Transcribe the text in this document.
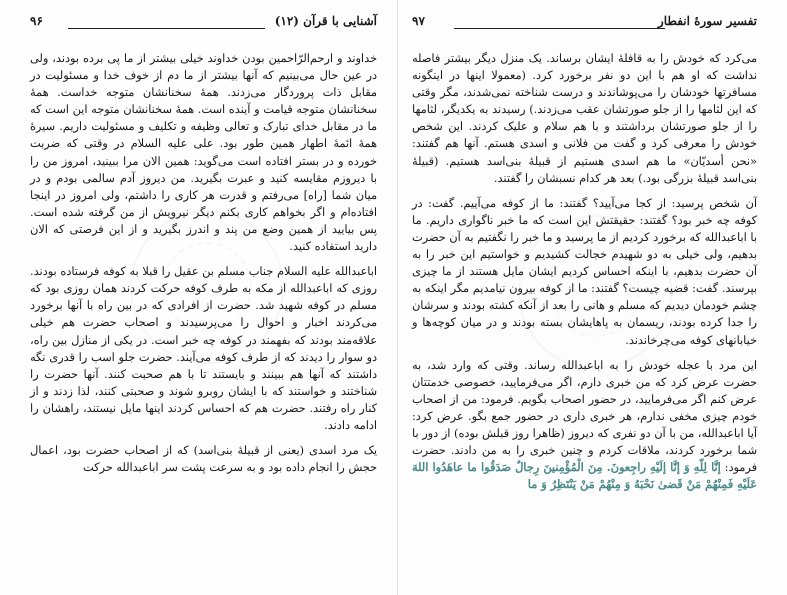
آشنایی با قرآن (۱۲)
۹۶

خداوند و ارحم‌الرّاحمین بودن خداوند خیلی بیشتر از ما پی برده بودند، ولی در عین حال می‌بینیم که آنها بیشتر از ما دم از خوف خدا و مسئولیت در مقابل ذات پروردگار می‌زدند. همهٔ سخنانشان متوجه خداست. همهٔ سخنانشان متوجه قیامت و آینده است. همهٔ سخنانشان متوجه این است که ما در مقابل خدای تبارک و تعالی وظیفه و تکلیف و مسئولیت داریم. سیرهٔ همهٔ ائمهٔ اطهار همین طور بود. علی علیه السلام در وقتی که ضربت خورده و در بستر افتاده است می‌گوید: همین الان مرا ببینید، امروز من را با دیروزم مقایسه کنید و عبرت بگیرید. من دیروز آدم سالمی بودم و در میان شما [راه] می‌رفتم و قدرت هر کاری را داشتم، ولی امروز در اینجا افتاده‌ام و اگر بخواهم کاری بکنم دیگر نیرویش از من گرفته شده است. پس بیایید از همین وضع من پند و اندرز بگیرید و از این فرصتی که الان دارید استفاده کنید.

ابا‌عبدالله علیه السلام جناب مسلم بن عقیل را قبلا به کوفه فرستاده بودند. روزی که ابا‌عبدالله از مکه به طرف کوفه حرکت کردند همان روزی بود که مسلم در کوفه شهید شد. حضرت از افرادی که در بین راه با آنها برخورد می‌کردند اخبار و احوال را می‌پرسیدند و اصحاب حضرت هم خیلی علاقه‌مند بودند که بفهمند در کوفه چه خبر است. در یکی از منازل بین راه، دو سوار را دیدند که از طرف کوفه می‌آیند. حضرت جلو اسب را قدری نگه داشتند که آنها هم ببینند و بایستند تا با هم صحبت کنند. آنها حضرت را شناختند و خواستند که با ایشان روبرو شوند و صحبتی کنند، لذا زدند و از کنار راه رفتند. حضرت هم که احساس کردند اینها مایل نیستند، راهشان را ادامه دادند.

یک مرد اسدی (یعنی از قبیلهٔ بنی‌اسد) که از اصحاب حضرت بود، اعمال حجش را انجام داده بود و به سرعت پشت سر ابا‌عبدالله حرکت

تفسیر سورهٔ انفطار
۹۷

می‌کرد که خودش را به قافلهٔ ایشان برساند. یک منزل دیگر بیشتر فاصله نداشت که او هم با این دو نفر برخورد کرد. (معمولا اینها در اینگونه مسافرتها خودشان را می‌پوشاندند و درست شناخته نمی‌شدند، مگر وقتی که این لثامها را از جلو صورتشان عقب می‌زدند.) رسیدند به یکدیگر، لثامها را از جلو صورتشان برداشتند و با هم سلام و علیک کردند. این شخص خودش را معرفی کرد و گفت من فلانی و اسدی هستم. آنها هم گفتند: «نحن أسدیّان» ما هم اسدی هستیم از قبیلهٔ بنی‌اسد هستیم. (قبیلهٔ بنی‌اسد قبیلهٔ بزرگی بود.) بعد هر کدام نسبشان را گفتند.

آن شخص پرسید: از کجا می‌آیید؟ گفتند: ما از کوفه می‌آییم. گفت: در کوفه چه خبر بود؟ گفتند: حقیقتش این است که ما خبر ناگواری داریم. ما با ابا‌عبدالله که برخورد کردیم از ما پرسید و ما خبر را نگفتیم به آن حضرت بدهیم، ولی خیلی به دو شهیدم خجالت کشیدیم و خواستیم این خبر را به آن حضرت بدهیم، با اینکه احساس کردیم ایشان مایل هستند از ما چیزی بپرسند. گفت: قضیه چیست؟ گفتند: ما از کوفه بیرون نیامدیم مگر اینکه به چشم خودمان دیدیم که مسلم و هانی را بعد از آنکه کشته بودند و سرشان را جدا کرده بودند، ریسمان به پاهایشان بسته بودند و در میان کوچه‌ها و خیابانهای کوفه می‌چرخاندند.

این مرد با عجله خودش را به ابا‌عبدالله رساند. وقتی که وارد شد، به حضرت عرض کرد که من خبری دارم، اگر می‌فرمایید، خصوصی خدمتتان عرض کنم اگر می‌فرمایید، در حضور اصحاب بگویم. فرمود: من از اصحاب خودم چیزی مخفی ندارم، هر خبری داری در حضور جمع بگو. عرض کرد: آیا ابا‌عبدالله، من با آن دو نفری که دیروز (ظاهرا روز قبلش بوده) از دور با شما برخورد کردند، ملاقات کردم و چنین خبری را به من دادند. حضرت فرمود: إنَّا لِلّهِ وَ إنَّا إلَیْهِ راجِعونَ. مِنَ الْمُؤْمِنینَ رِجالٌ صَدَقُوا ما عاهَدُوا اللهَ عَلَیْهِ فَمِنْهُمْ مَنْ قَضیٰ نَحْبَهُ وَ مِنْهُمْ مَنْ یَنْتَظِرُ وَ ما
